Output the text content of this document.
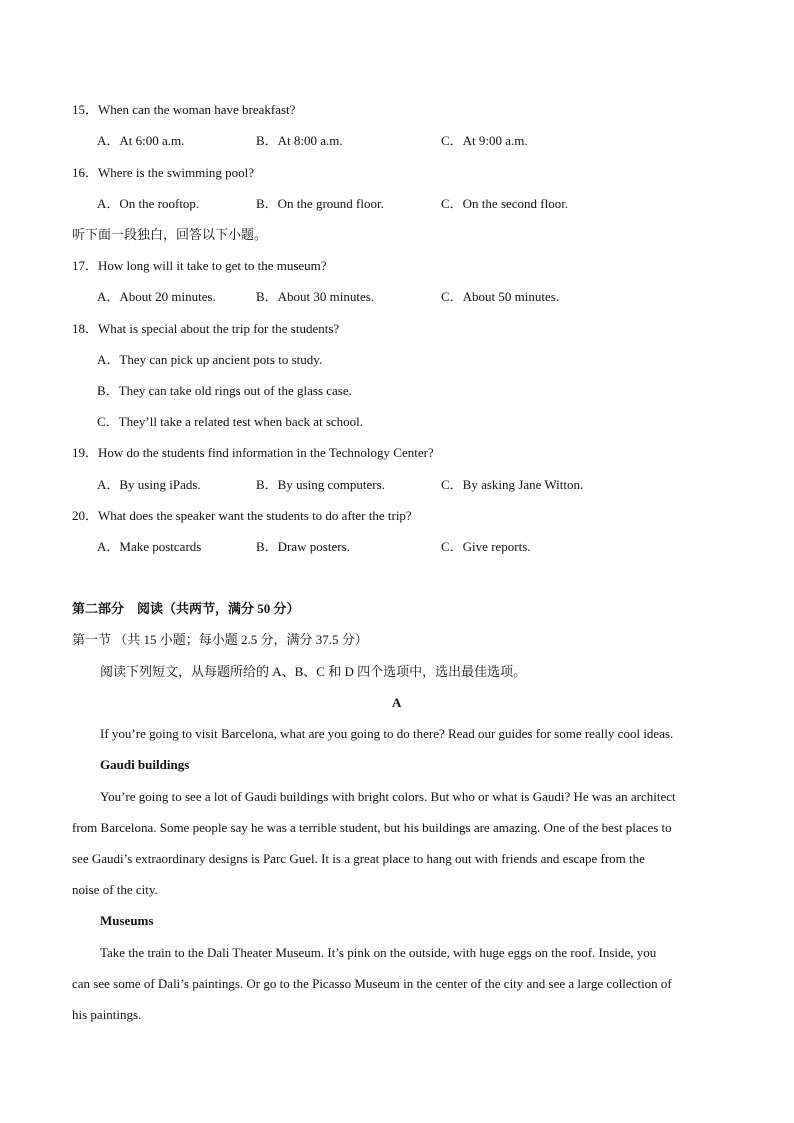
15．When can the woman have breakfast?
A．At 6:00 a.m.	B．At 8:00 a.m.	C．At 9:00 a.m.
16．Where is the swimming pool?
A．On the rooftop.	B．On the ground floor.	C．On the second floor.
听下面一段独白，回答以下小题。
17．How long will it take to get to the museum?
A．About 20 minutes.	B．About 30 minutes.	C．About 50 minutes.
18．What is special about the trip for the students?
A．They can pick up ancient pots to study.
B．They can take old rings out of the glass case.
C．They’ll take a related test when back at school.
19．How do the students find information in the Technology Center?
A．By using iPads.	B．By using computers.	C．By asking Jane Witton.
20．What does the speaker want the students to do after the trip?
A．Make postcards	B．Draw posters.	C．Give reports.
第二部分　阅读（共两节，满分 50 分）
第一节 （共 15 小题；每小题 2.5 分，满分 37.5 分）
阅读下列短文，从每题所给的 A、B、C 和 D 四个选项中，选出最佳选项。
A
If you’re going to visit Barcelona, what are you going to do there? Read our guides for some really cool ideas.
Gaudi buildings
You’re going to see a lot of Gaudi buildings with bright colors. But who or what is Gaudi? He was an architect
from Barcelona. Some people say he was a terrible student, but his buildings are amazing. One of the best places to
see Gaudi’s extraordinary designs is Parc Guel. It is a great place to hang out with friends and escape from the
noise of the city.
Museums
Take the train to the Dali Theater Museum. It’s pink on the outside, with huge eggs on the roof. Inside, you
can see some of Dali’s paintings. Or go to the Picasso Museum in the center of the city and see a large collection of
his paintings.
